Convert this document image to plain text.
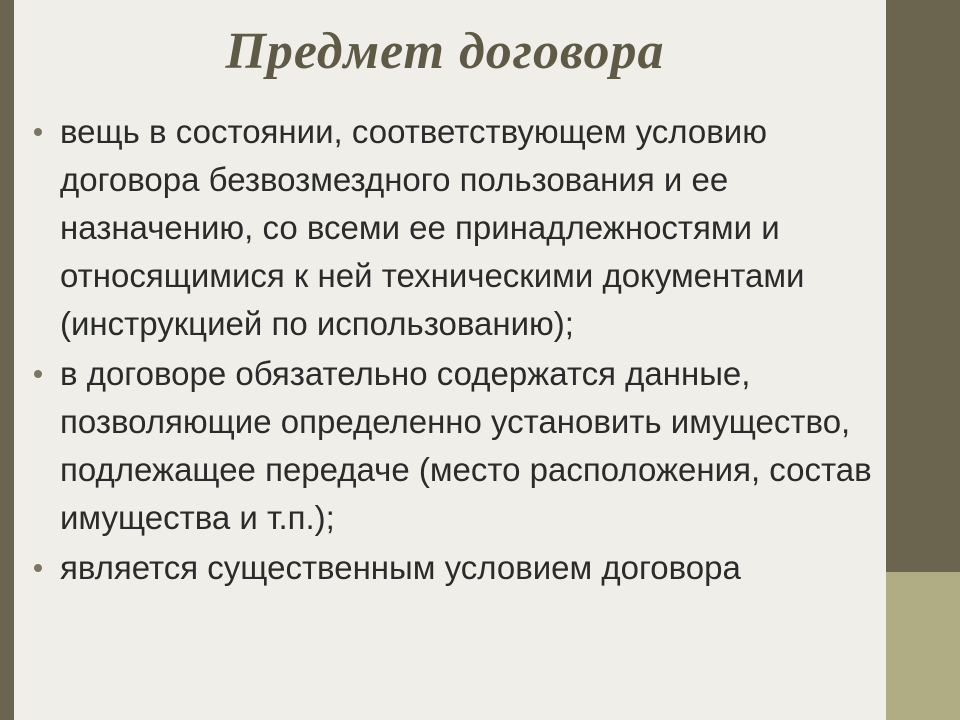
Предмет договора
вещь в состоянии, соответствующем условию договора безвозмездного пользования и ее назначению, со всеми ее принадлежностями и относящимися к ней техническими документами (инструкцией по использованию);
в договоре обязательно содержатся данные, позволяющие определенно установить имущество, подлежащее передаче (место расположения, состав имущества и т.п.);
является существенным условием договора
